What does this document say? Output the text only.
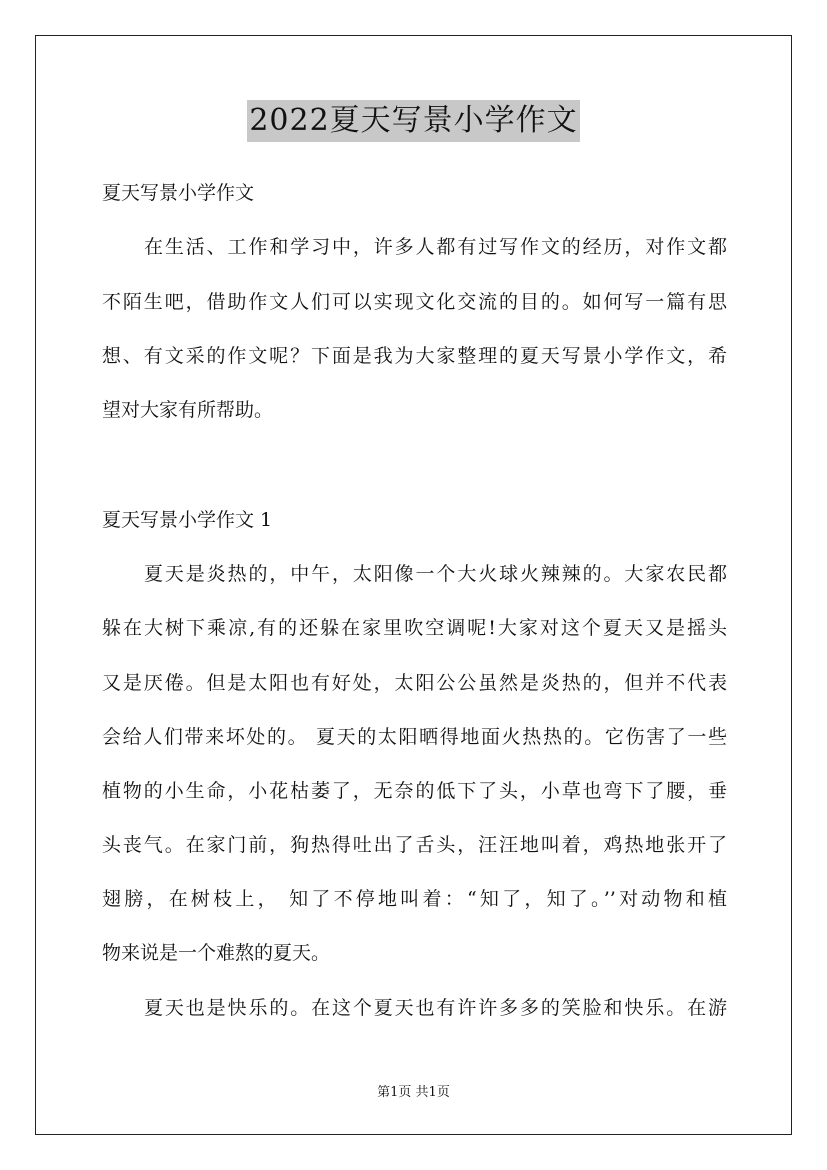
2022夏天写景小学作文
夏天写景小学作文
在生活、工作和学习中，许多人都有过写作文的经历，对作文都
不陌生吧，借助作文人们可以实现文化交流的目的。如何写一篇有思
想、有文采的作文呢？下面是我为大家整理的夏天写景小学作文，希
望对大家有所帮助。
夏天写景小学作文 1
夏天是炎热的，中午，太阳像一个大火球火辣辣的。大家农民都
躲在大树下乘凉,有的还躲在家里吹空调呢!大家对这个夏天又是摇头
又是厌倦。但是太阳也有好处，太阳公公虽然是炎热的，但并不代表
会给人们带来坏处的。 夏天的太阳晒得地面火热热的。它伤害了一些
植物的小生命，小花枯萎了，无奈的低下了头，小草也弯下了腰，垂
头丧气。在家门前，狗热得吐出了舌头，汪汪地叫着，鸡热地张开了
翅膀，在树枝上， 知了不停地叫着：“知了，知了。’’对动物和植
物来说是一个难熬的夏天。
夏天也是快乐的。在这个夏天也有许许多多的笑脸和快乐。在游
第1页 共1页
